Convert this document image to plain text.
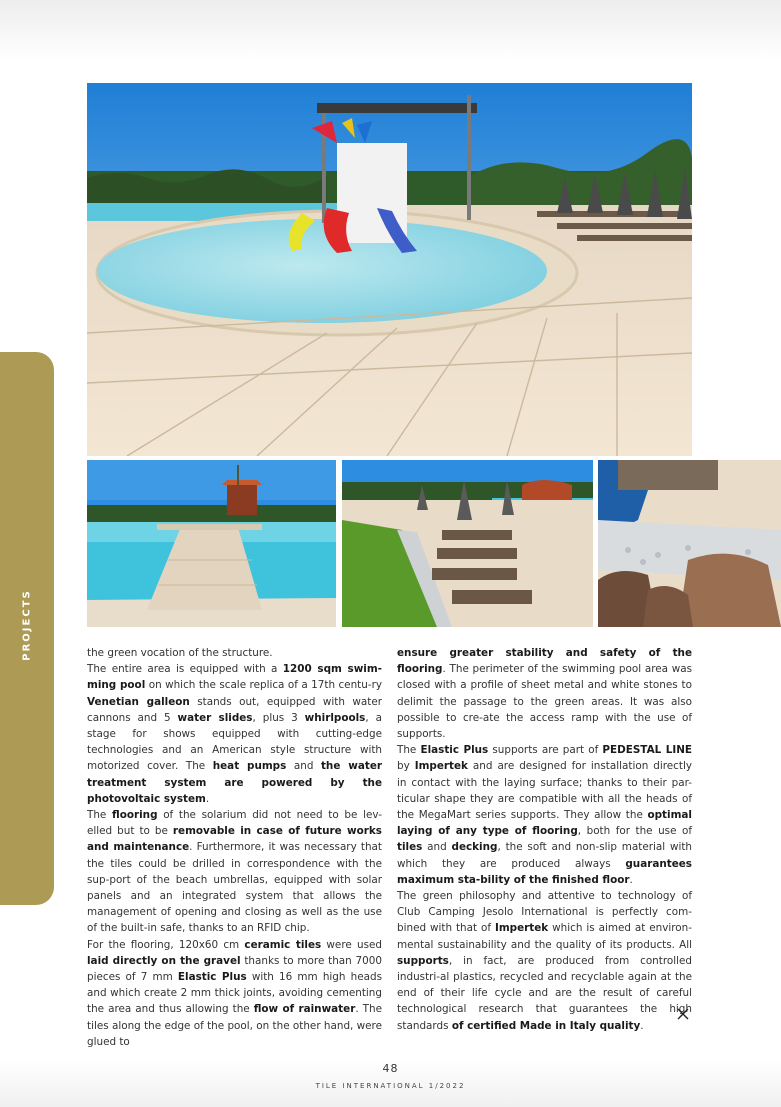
PROJECTS	the green vocation of the structure.

The entire area is equipped with a 1200 sqm swim-ming pool on which the scale replica of a 17th centu-ry Venetian galleon stands out, equipped with water cannons and 5 water slides, plus 3 whirlpools, a stage for shows equipped with cutting-edge technologies and an American style structure with motorized cover. The heat pumps and the water treatment system are powered by the photovoltaic system.

The flooring of the solarium did not need to be lev-elled but to be removable in case of future works and maintenance. Furthermore, it was necessary that the tiles could be drilled in correspondence with the sup-port of the beach umbrellas, equipped with solar panels and an integrated system that allows the management of opening and closing as well as the use of the built-in safe, thanks to an RFID chip.

For the flooring, 120x60 cm ceramic tiles were used laid directly on the gravel thanks to more than 7000 pieces of 7 mm Elastic Plus with 16 mm high heads and which create 2 mm thick joints, avoiding cementing the area and thus allowing the flow of rainwater. The tiles along the edge of the pool, on the other hand, were glued to

ensure greater stability and safety of the flooring. The perimeter of the swimming pool area was closed with a profile of sheet metal and white stones to delimit the passage to the green areas. It was also possible to cre-ate the access ramp with the use of supports.

The Elastic Plus supports are part of PEDESTAL LINE by Impertek and are designed for installation directly in contact with the laying surface; thanks to their par-ticular shape they are compatible with all the heads of the MegaMart series supports. They allow the optimal laying of any type of flooring, both for the use of tiles and decking, the soft and non-slip material with which they are produced always guarantees maximum sta-bility of the finished floor.

The green philosophy and attentive to technology of Club Camping Jesolo International is perfectly com-bined with that of Impertek which is aimed at environ-mental sustainability and the quality of its products. All supports, in fact, are produced from controlled industri-al plastics, recycled and recyclable again at the end of their life cycle and are the result of careful technological research that guarantees the high standards of certified Made in Italy quality.

48
TILE INTERNATIONAL 1/2022
